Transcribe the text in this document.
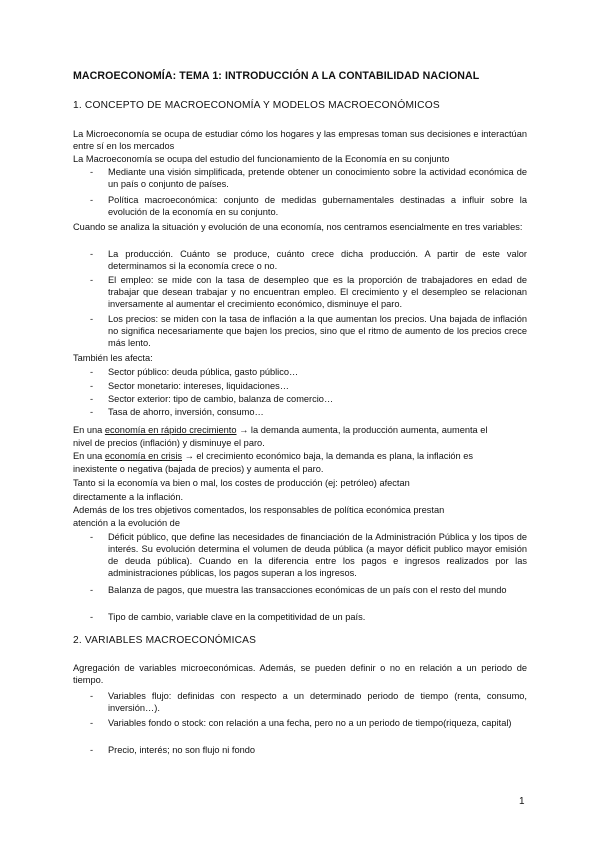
MACROECONOMÍA: TEMA 1: INTRODUCCIÓN A LA CONTABILIDAD NACIONAL
1. CONCEPTO DE MACROECONOMÍA Y MODELOS MACROECONÓMICOS
La Microeconomía se ocupa de estudiar cómo los hogares y las empresas toman sus decisiones e interactúan entre sí en los mercados
La Macroeconomía se ocupa del estudio del funcionamiento de la Economía en su conjunto
- Mediante una visión simplificada, pretende obtener un conocimiento sobre la actividad económica de un país o conjunto de países.
- Política macroeconómica: conjunto de medidas gubernamentales destinadas a influir sobre la evolución de la economía en su conjunto.
Cuando se analiza la situación y evolución de una economía, nos centramos esencialmente en tres variables:
- La producción. Cuánto se produce, cuánto crece dicha producción. A partir de este valor determinamos si la economía crece o no.
- El empleo: se mide con la tasa de desempleo que es la proporción de trabajadores en edad de trabajar que desean trabajar y no encuentran empleo. El crecimiento y el desempleo se relacionan inversamente al aumentar el crecimiento económico, disminuye el paro.
- Los precios: se miden con la tasa de inflación a la que aumentan los precios. Una bajada de inflación no significa necesariamente que bajen los precios, sino que el ritmo de aumento de los precios crece más lento.
También les afecta:
- Sector público: deuda pública, gasto público…
- Sector monetario: intereses, liquidaciones…
- Sector exterior: tipo de cambio, balanza de comercio…
- Tasa de ahorro, inversión, consumo…
En una economía en rápido crecimiento → la demanda aumenta, la producción aumenta, aumenta el
nivel de precios (inflación) y disminuye el paro.
En una economía en crisis → el crecimiento económico baja, la demanda es plana, la inflación es
inexistente o negativa (bajada de precios) y aumenta el paro.
Tanto si la economía va bien o mal, los costes de producción (ej: petróleo) afectan
directamente a la inflación.
Además de los tres objetivos comentados, los responsables de política económica prestan
atención a la evolución de
- Déficit público, que define las necesidades de financiación de la Administración Pública y los tipos de interés. Su evolución determina el volumen de deuda pública (a mayor déficit publico mayor emisión de deuda pública). Cuando en la diferencia entre los pagos e ingresos realizados por las administraciones públicas, los pagos superan a los ingresos.
- Balanza de pagos, que muestra las transacciones económicas de un país con el resto del mundo
- Tipo de cambio, variable clave en la competitividad de un país.
2. VARIABLES MACROECONÓMICAS
Agregación de variables microeconómicas. Además, se pueden definir o no en relación a un periodo de tiempo.
- Variables flujo: definidas con respecto a un determinado periodo de tiempo (renta, consumo, inversión…).
- Variables fondo o stock: con relación a una fecha, pero no a un periodo de tiempo(riqueza, capital)
- Precio, interés; no son flujo ni fondo
1
